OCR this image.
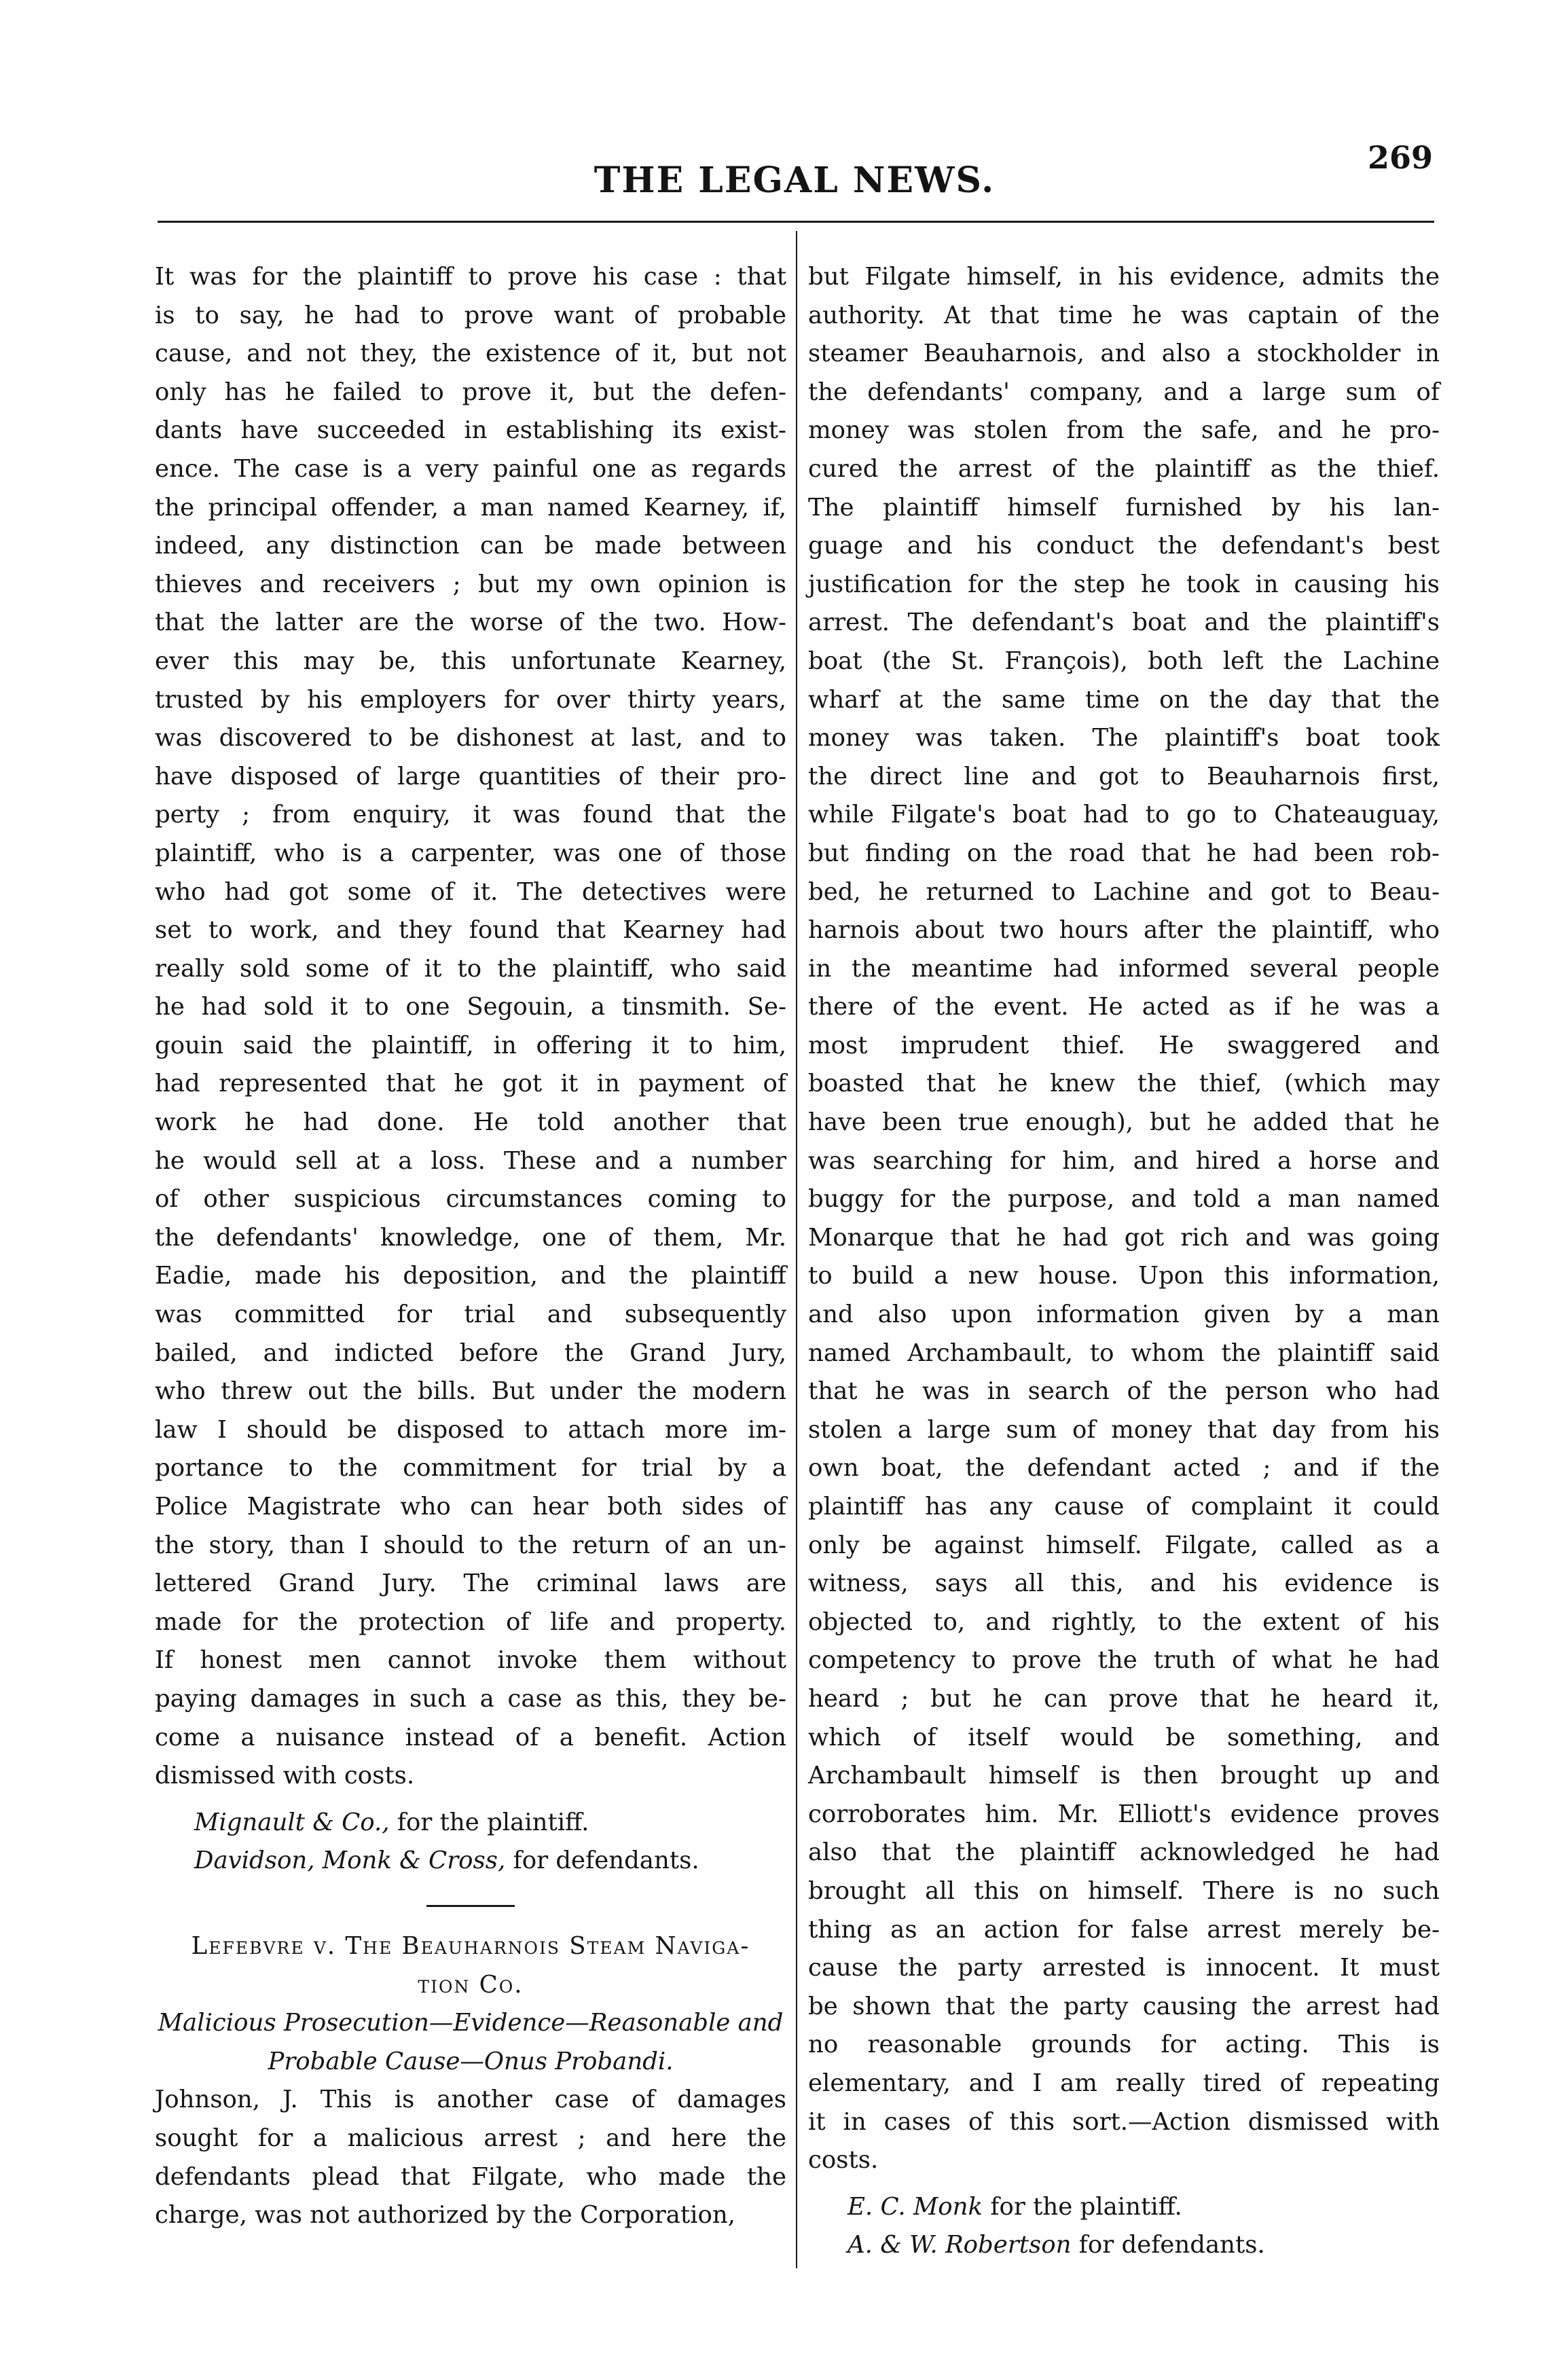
THE LEGAL NEWS.
269
It was for the plaintiff to prove his case : that
is to say, he had to prove want of probable
cause, and not they, the existence of it, but not
only has he failed to prove it, but the defen-
dants have succeeded in establishing its exist-
ence. The case is a very painful one as regards
the principal offender, a man named Kearney, if,
indeed, any distinction can be made between
thieves and receivers ; but my own opinion is
that the latter are the worse of the two. How-
ever this may be, this unfortunate Kearney,
trusted by his employers for over thirty years,
was discovered to be dishonest at last, and to
have disposed of large quantities of their pro-
perty ; from enquiry, it was found that the
plaintiff, who is a carpenter, was one of those
who had got some of it. The detectives were
set to work, and they found that Kearney had
really sold some of it to the plaintiff, who said
he had sold it to one Segouin, a tinsmith. Se-
gouin said the plaintiff, in offering it to him,
had represented that he got it in payment of
work he had done. He told another that
he would sell at a loss. These and a number
of other suspicious circumstances coming to
the defendants' knowledge, one of them, Mr.
Eadie, made his deposition, and the plaintiff
was committed for trial and subsequently
bailed, and indicted before the Grand Jury,
who threw out the bills. But under the modern
law I should be disposed to attach more im-
portance to the commitment for trial by a
Police Magistrate who can hear both sides of
the story, than I should to the return of an un-
lettered Grand Jury. The criminal laws are
made for the protection of life and property.
If honest men cannot invoke them without
paying damages in such a case as this, they be-
come a nuisance instead of a benefit. Action
dismissed with costs.
Mignault & Co., for the plaintiff.
Davidson, Monk & Cross, for defendants.
Lefebvre v. The Beauharnois Steam Naviga-
tion Co.
Malicious Prosecution—Evidence—Reasonable and
Probable Cause—Onus Probandi.
Johnson, J. This is another case of damages
sought for a malicious arrest ; and here the
defendants plead that Filgate, who made the
charge, was not authorized by the Corporation,
but Filgate himself, in his evidence, admits the
authority. At that time he was captain of the
steamer Beauharnois, and also a stockholder in
the defendants' company, and a large sum of
money was stolen from the safe, and he pro-
cured the arrest of the plaintiff as the thief.
The plaintiff himself furnished by his lan-
guage and his conduct the defendant's best
justification for the step he took in causing his
arrest. The defendant's boat and the plaintiff's
boat (the St. François), both left the Lachine
wharf at the same time on the day that the
money was taken. The plaintiff's boat took
the direct line and got to Beauharnois first,
while Filgate's boat had to go to Chateauguay,
but finding on the road that he had been rob-
bed, he returned to Lachine and got to Beau-
harnois about two hours after the plaintiff, who
in the meantime had informed several people
there of the event. He acted as if he was a
most imprudent thief. He swaggered and
boasted that he knew the thief, (which may
have been true enough), but he added that he
was searching for him, and hired a horse and
buggy for the purpose, and told a man named
Monarque that he had got rich and was going
to build a new house. Upon this information,
and also upon information given by a man
named Archambault, to whom the plaintiff said
that he was in search of the person who had
stolen a large sum of money that day from his
own boat, the defendant acted ; and if the
plaintiff has any cause of complaint it could
only be against himself. Filgate, called as a
witness, says all this, and his evidence is
objected to, and rightly, to the extent of his
competency to prove the truth of what he had
heard ; but he can prove that he heard it,
which of itself would be something, and
Archambault himself is then brought up and
corroborates him. Mr. Elliott's evidence proves
also that the plaintiff acknowledged he had
brought all this on himself. There is no such
thing as an action for false arrest merely be-
cause the party arrested is innocent. It must
be shown that the party causing the arrest had
no reasonable grounds for acting. This is
elementary, and I am really tired of repeating
it in cases of this sort.—Action dismissed with
costs.
E. C. Monk for the plaintiff.
A. & W. Robertson for defendants.
